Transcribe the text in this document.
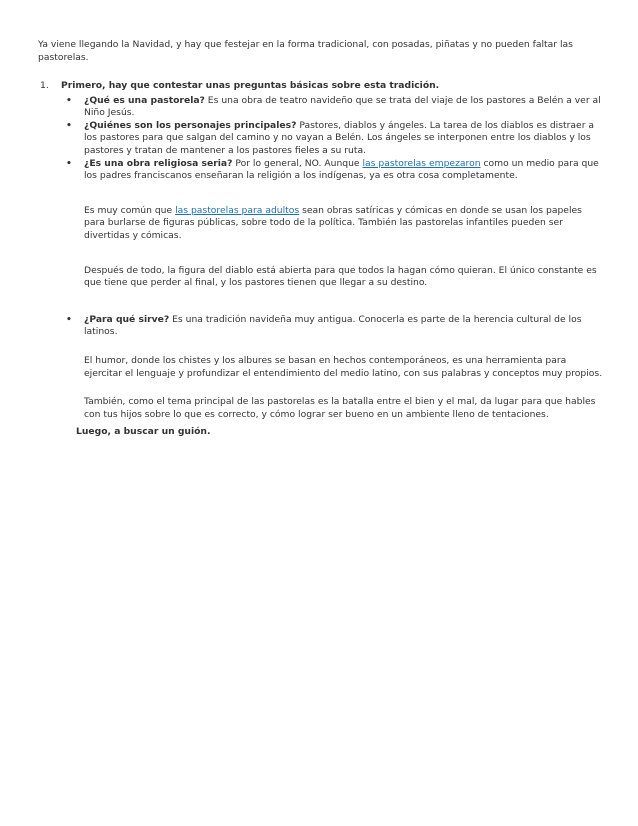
Ya viene llegando la Navidad, y hay que festejar en la forma tradicional, con posadas, piñatas y no pueden faltar las pastorelas.

1. Primero, hay que contestar unas preguntas básicas sobre esta tradición.
• ¿Qué es una pastorela? Es una obra de teatro navideño que se trata del viaje de los pastores a Belén a ver al Niño Jesús.
• ¿Quiénes son los personajes principales? Pastores, diablos y ángeles. La tarea de los diablos es distraer a los pastores para que salgan del camino y no vayan a Belén. Los ángeles se interponen entre los diablos y los pastores y tratan de mantener a los pastores fieles a su ruta.
• ¿Es una obra religiosa seria? Por lo general, NO. Aunque las pastorelas empezaron como un medio para que los padres franciscanos enseñaran la religión a los indígenas, ya es otra cosa completamente.

Es muy común que las pastorelas para adultos sean obras satíricas y cómicas en donde se usan los papeles para burlarse de figuras públicas, sobre todo de la política. También las pastorelas infantiles pueden ser divertidas y cómicas.

Después de todo, la figura del diablo está abierta para que todos la hagan cómo quieran. El único constante es que tiene que perder al final, y los pastores tienen que llegar a su destino.

• ¿Para qué sirve? Es una tradición navideña muy antigua. Conocerla es parte de la herencia cultural de los latinos.

El humor, donde los chistes y los albures se basan en hechos contemporáneos, es una herramienta para ejercitar el lenguaje y profundizar el entendimiento del medio latino, con sus palabras y conceptos muy propios.

También, como el tema principal de las pastorelas es la batalla entre el bien y el mal, da lugar para que hables con tus hijos sobre lo que es correcto, y cómo lograr ser bueno en un ambiente lleno de tentaciones.

Luego, a buscar un guión.
